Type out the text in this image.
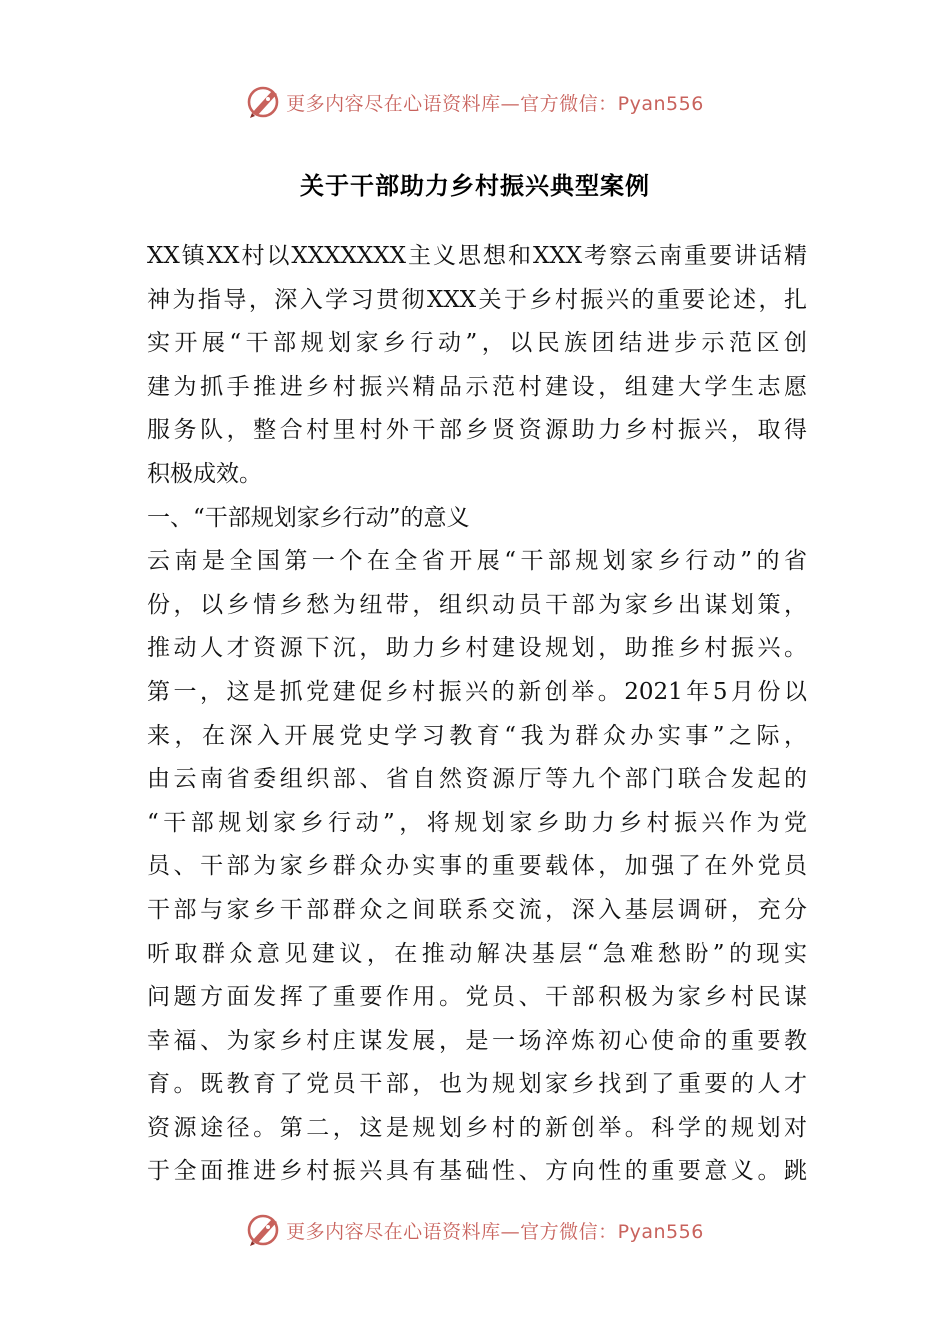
更多内容尽在心语资料库—官方微信：Pyan556
关于干部助力乡村振兴典型案例
XX镇XX村以XXXXXXX主义思想和XXX考察云南重要讲话精
神为指导，深入学习贯彻XXX关于乡村振兴的重要论述，扎
实开展“干部规划家乡行动”，以民族团结进步示范区创
建为抓手推进乡村振兴精品示范村建设，组建大学生志愿
服务队，整合村里村外干部乡贤资源助力乡村振兴，取得
积极成效。
一、“干部规划家乡行动”的意义
云南是全国第一个在全省开展“干部规划家乡行动”的省
份，以乡情乡愁为纽带，组织动员干部为家乡出谋划策，
推动人才资源下沉，助力乡村建设规划，助推乡村振兴。
第一，这是抓党建促乡村振兴的新创举。2021年5月份以
来，在深入开展党史学习教育“我为群众办实事”之际，
由云南省委组织部、省自然资源厅等九个部门联合发起的
“干部规划家乡行动”，将规划家乡助力乡村振兴作为党
员、干部为家乡群众办实事的重要载体，加强了在外党员
干部与家乡干部群众之间联系交流，深入基层调研，充分
听取群众意见建议，在推动解决基层“急难愁盼”的现实
问题方面发挥了重要作用。党员、干部积极为家乡村民谋
幸福、为家乡村庄谋发展，是一场淬炼初心使命的重要教
育。既教育了党员干部，也为规划家乡找到了重要的人才
资源途径。第二，这是规划乡村的新创举。科学的规划对
于全面推进乡村振兴具有基础性、方向性的重要意义。跳
更多内容尽在心语资料库—官方微信：Pyan556
